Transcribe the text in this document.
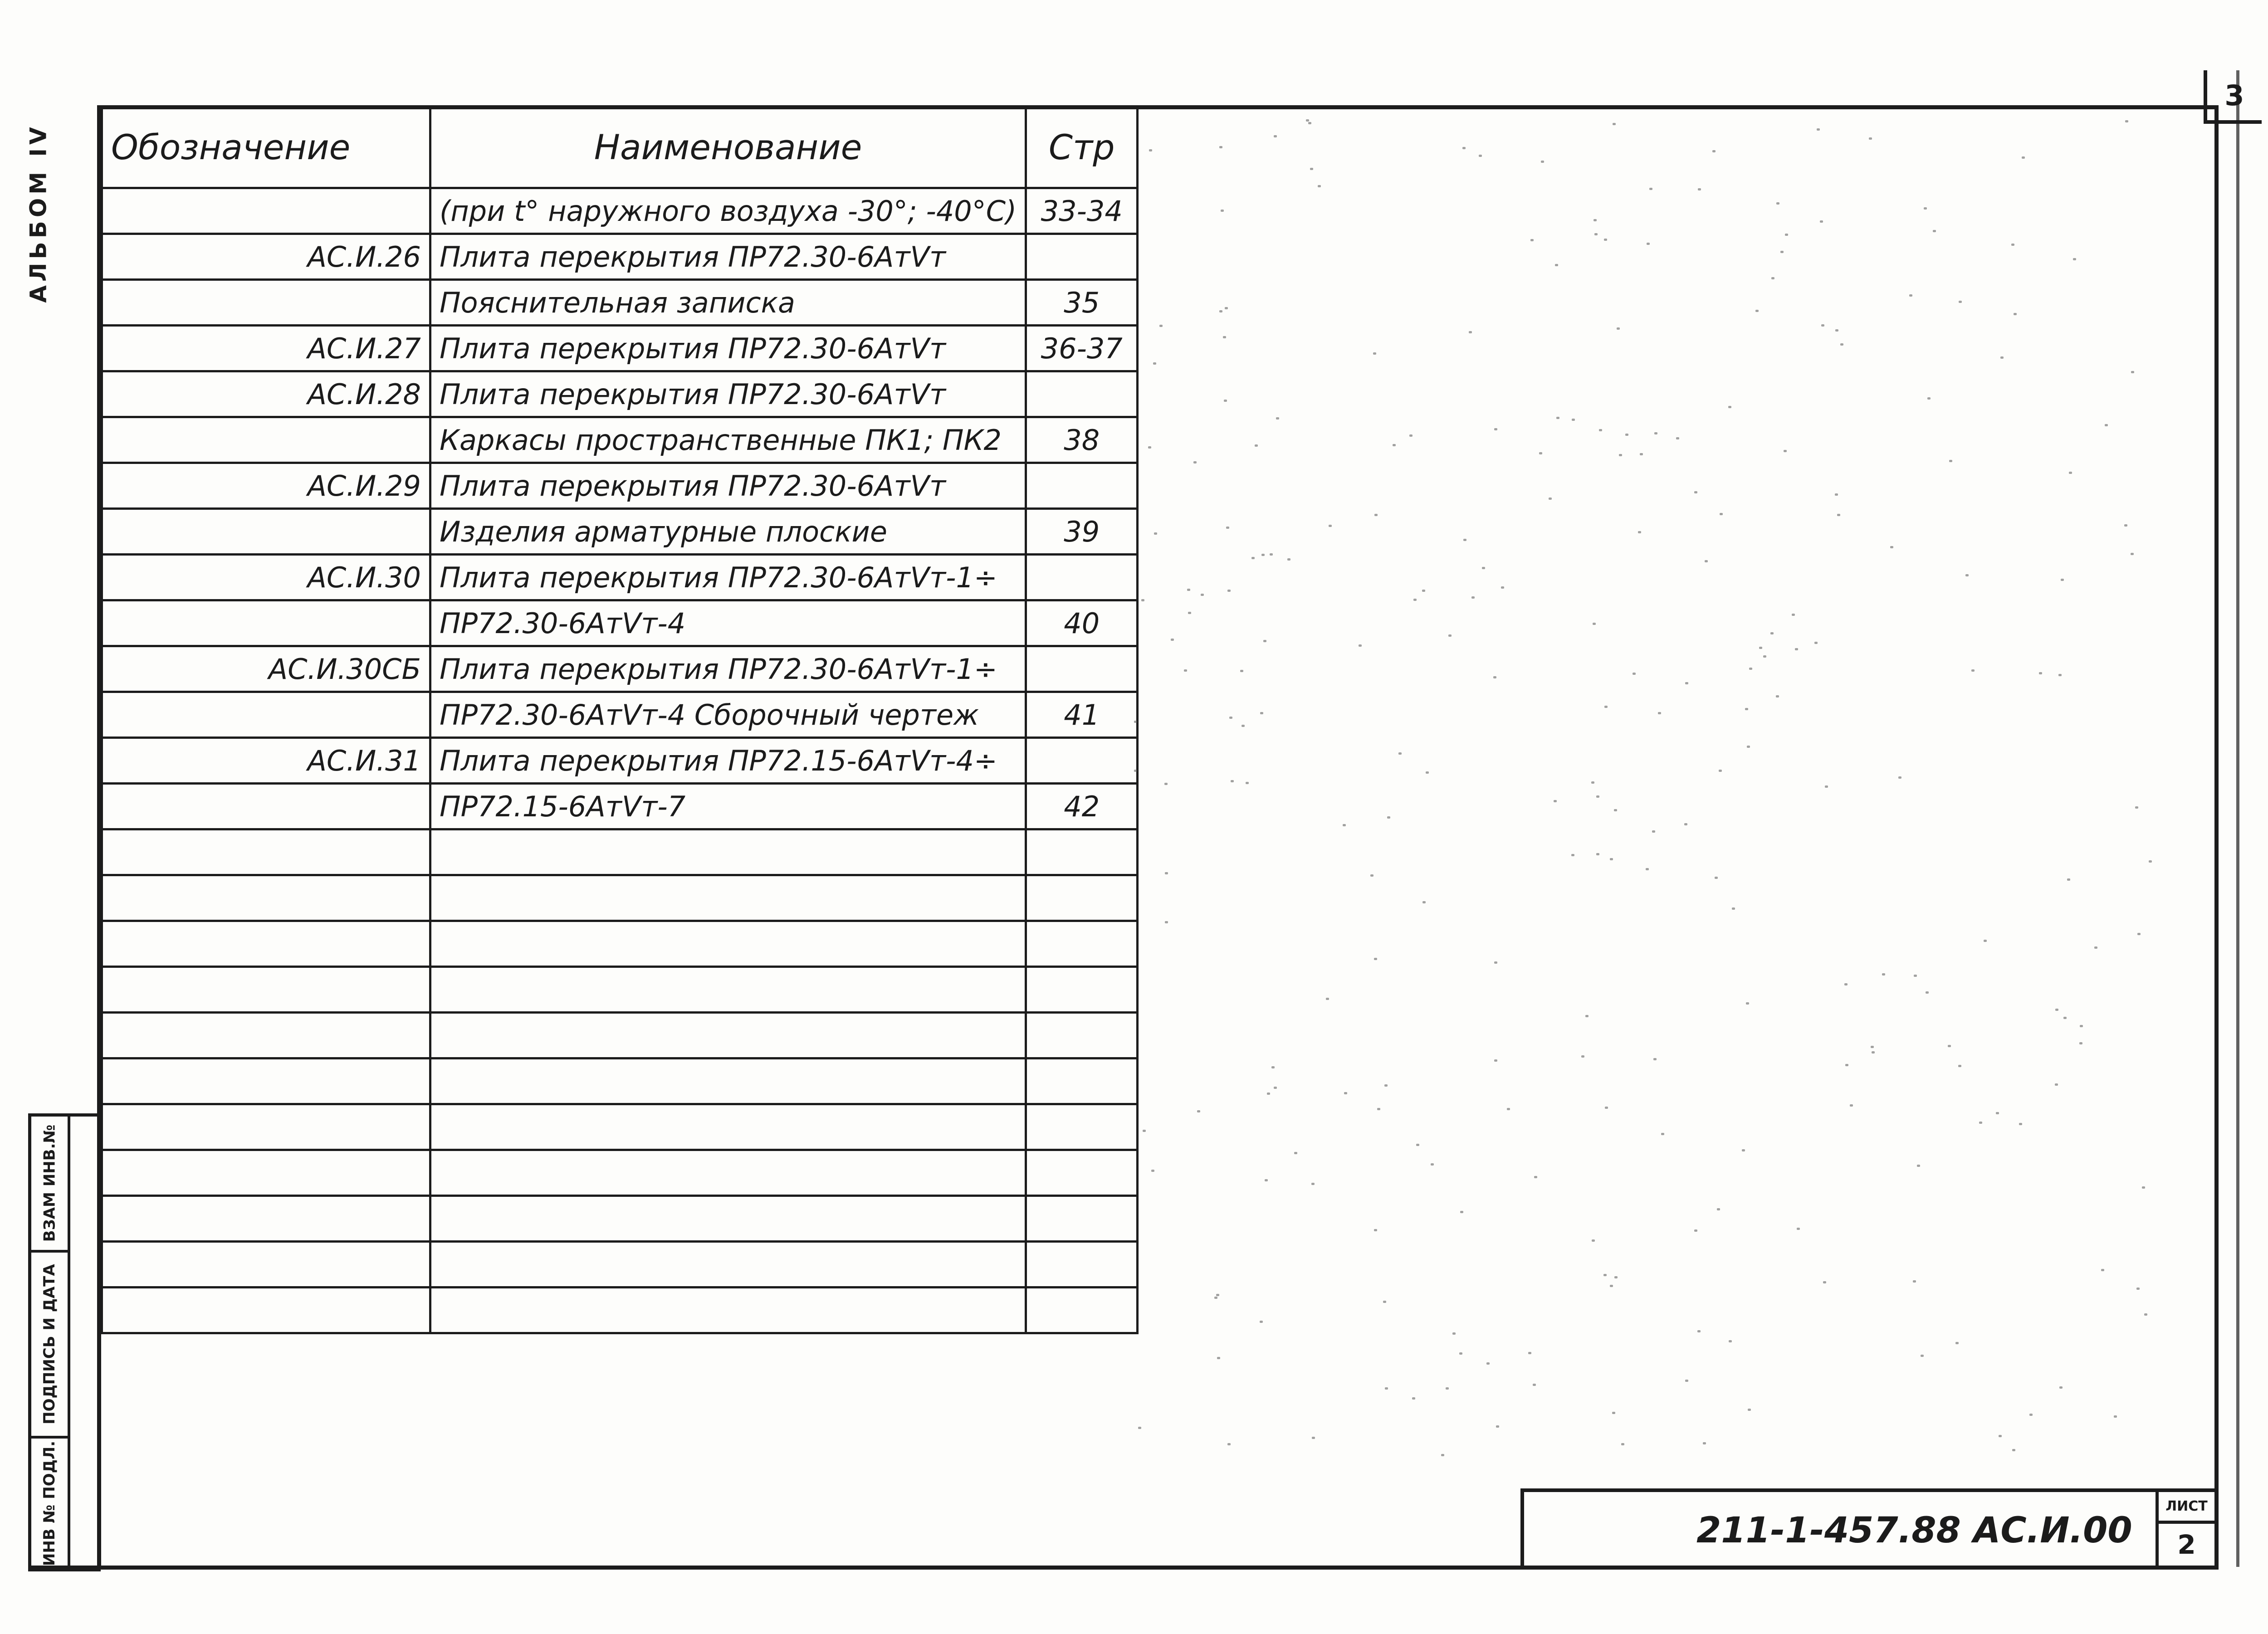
АЛЬБОМ IV
3
Обозначение	Наименование	Стр
	(при t° наружного воздуха -30°; -40°C)	33-34
АС.И.26	Плита перекрытия ПР72.30-6АтVт	
	Пояснительная записка	35
АС.И.27	Плита перекрытия ПР72.30-6АтVт	36-37
АС.И.28	Плита перекрытия ПР72.30-6АтVт	
	Каркасы пространственные ПК1; ПК2	38
АС.И.29	Плита перекрытия ПР72.30-6АтVт	
	Изделия арматурные плоские	39
АС.И.30	Плита перекрытия ПР72.30-6АтVт-1÷	
	ПР72.30-6АтVт-4	40
АС.И.30СБ	Плита перекрытия ПР72.30-6АтVт-1÷	
	ПР72.30-6АтVт-4 Сборочный чертеж	41
АС.И.31	Плита перекрытия ПР72.15-6АтVт-4÷	
	ПР72.15-6АтVт-7	42

ВЗАМ ИНВ.№
ПОДПИСЬ И ДАТА
ИНВ № ПОДЛ.	211-1-457.88 АС.И.00
ЛИСТ
2
